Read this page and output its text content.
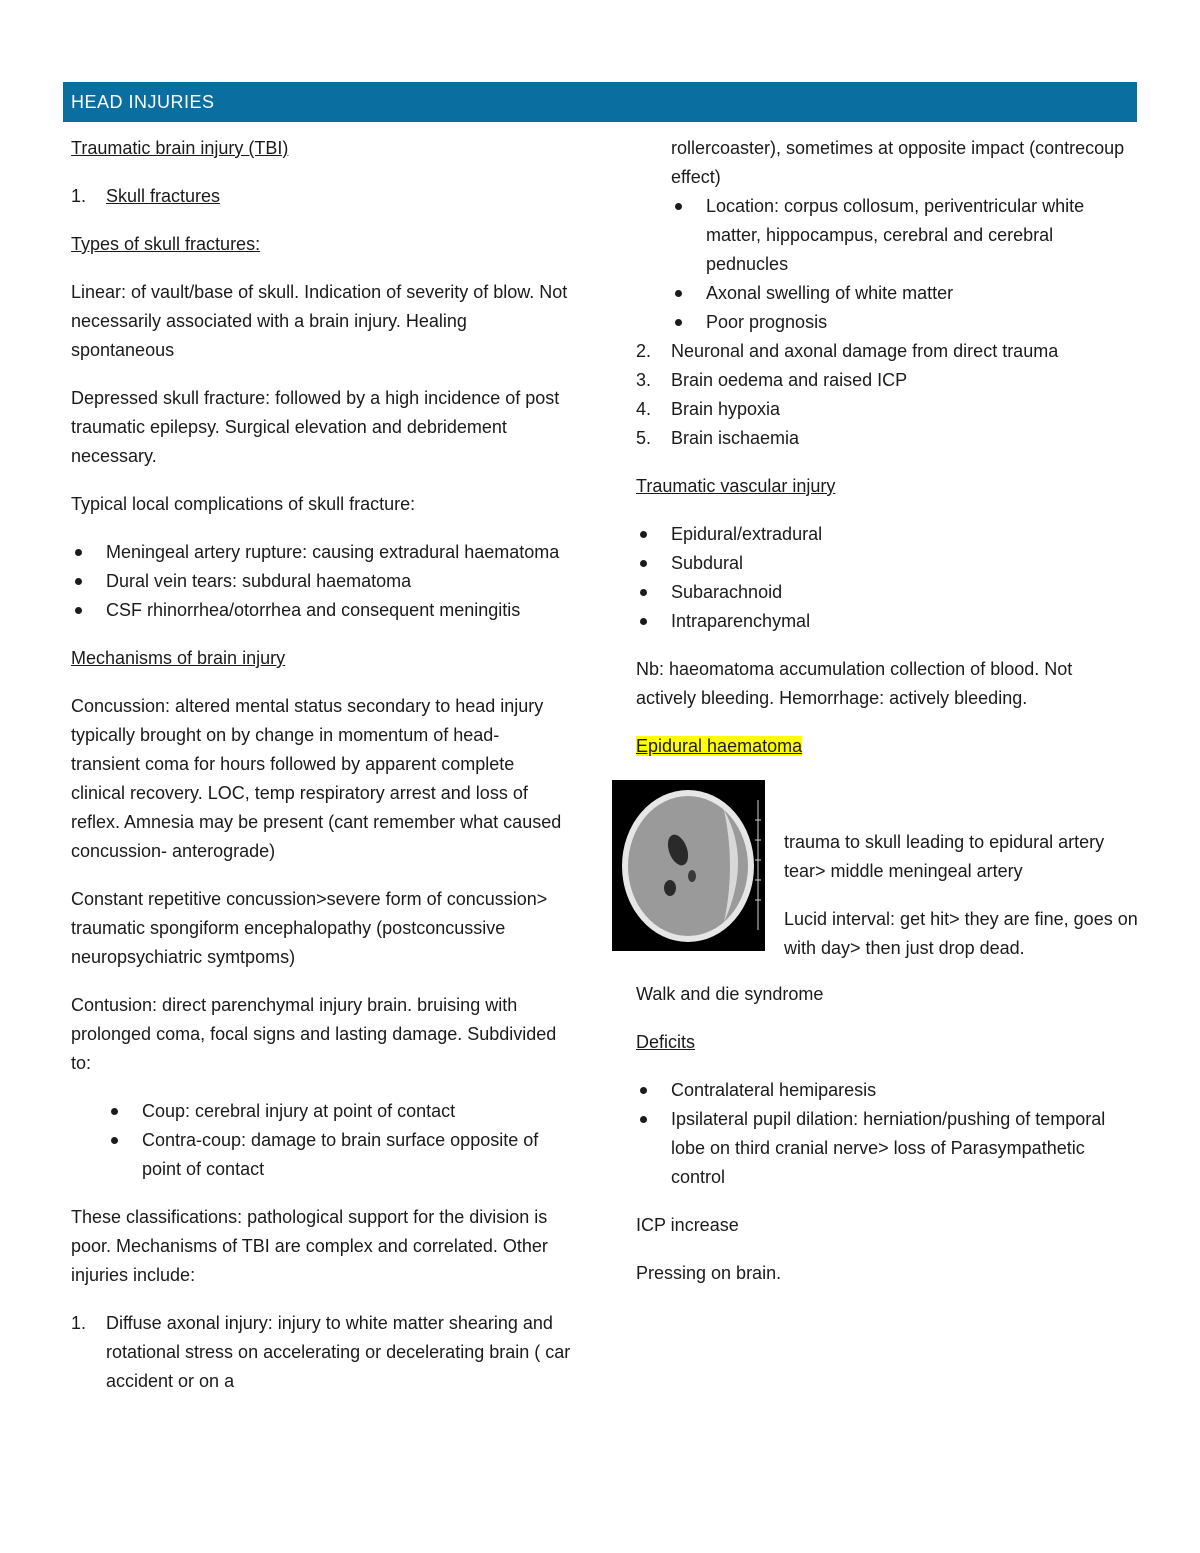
HEAD INJURIES

Traumatic brain injury (TBI)

1. Skull fractures

Types of skull fractures:

Linear: of vault/base of skull. Indication of severity of blow. Not necessarily associated with a brain injury. Healing spontaneous

Depressed skull fracture: followed by a high incidence of post traumatic epilepsy. Surgical elevation and debridement necessary.

Typical local complications of skull fracture:

Meningeal artery rupture: causing extradural haematoma
Dural vein tears: subdural haematoma
CSF rhinorrhea/otorrhea and consequent meningitis

Mechanisms of brain injury

Concussion: altered mental status secondary to head injury typically brought on by change in momentum of head- transient coma for hours followed by apparent complete clinical recovery. LOC, temp respiratory arrest and loss of reflex. Amnesia may be present (cant remember what caused concussion- anterograde)

Constant repetitive concussion>severe form of concussion> traumatic spongiform encephalopathy (postconcussive neuropsychiatric symtpoms)

Contusion: direct parenchymal injury brain. bruising with prolonged coma, focal signs and lasting damage. Subdivided to:

Coup: cerebral injury at point of contact
Contra-coup: damage to brain surface opposite of point of contact

These classifications: pathological support for the division is poor. Mechanisms of TBI are complex and correlated. Other injuries include:

1. Diffuse axonal injury: injury to white matter shearing and rotational stress on accelerating or decelerating brain ( car accident or on a
rollercoaster), sometimes at opposite impact (contrecoup effect)
Location: corpus collosum, periventricular white matter, hippocampus, cerebral and cerebral pednucles
Axonal swelling of white matter
Poor prognosis
2. Neuronal and axonal damage from direct trauma
3. Brain oedema and raised ICP
4. Brain hypoxia
5. Brain ischaemia

Traumatic vascular injury

Epidural/extradural
Subdural
Subarachnoid
Intraparenchymal

Nb: haeomatoma accumulation collection of blood. Not actively bleeding. Hemorrhage: actively bleeding.

Epidural haematoma

trauma to skull leading to epidural artery tear> middle meningeal artery

Lucid interval: get hit> they are fine, goes on with day> then just drop dead.

Walk and die syndrome

Deficits

Contralateral hemiparesis
Ipsilateral pupil dilation: herniation/pushing of temporal lobe on third cranial nerve> loss of Parasympathetic control

ICP increase

Pressing on brain.
